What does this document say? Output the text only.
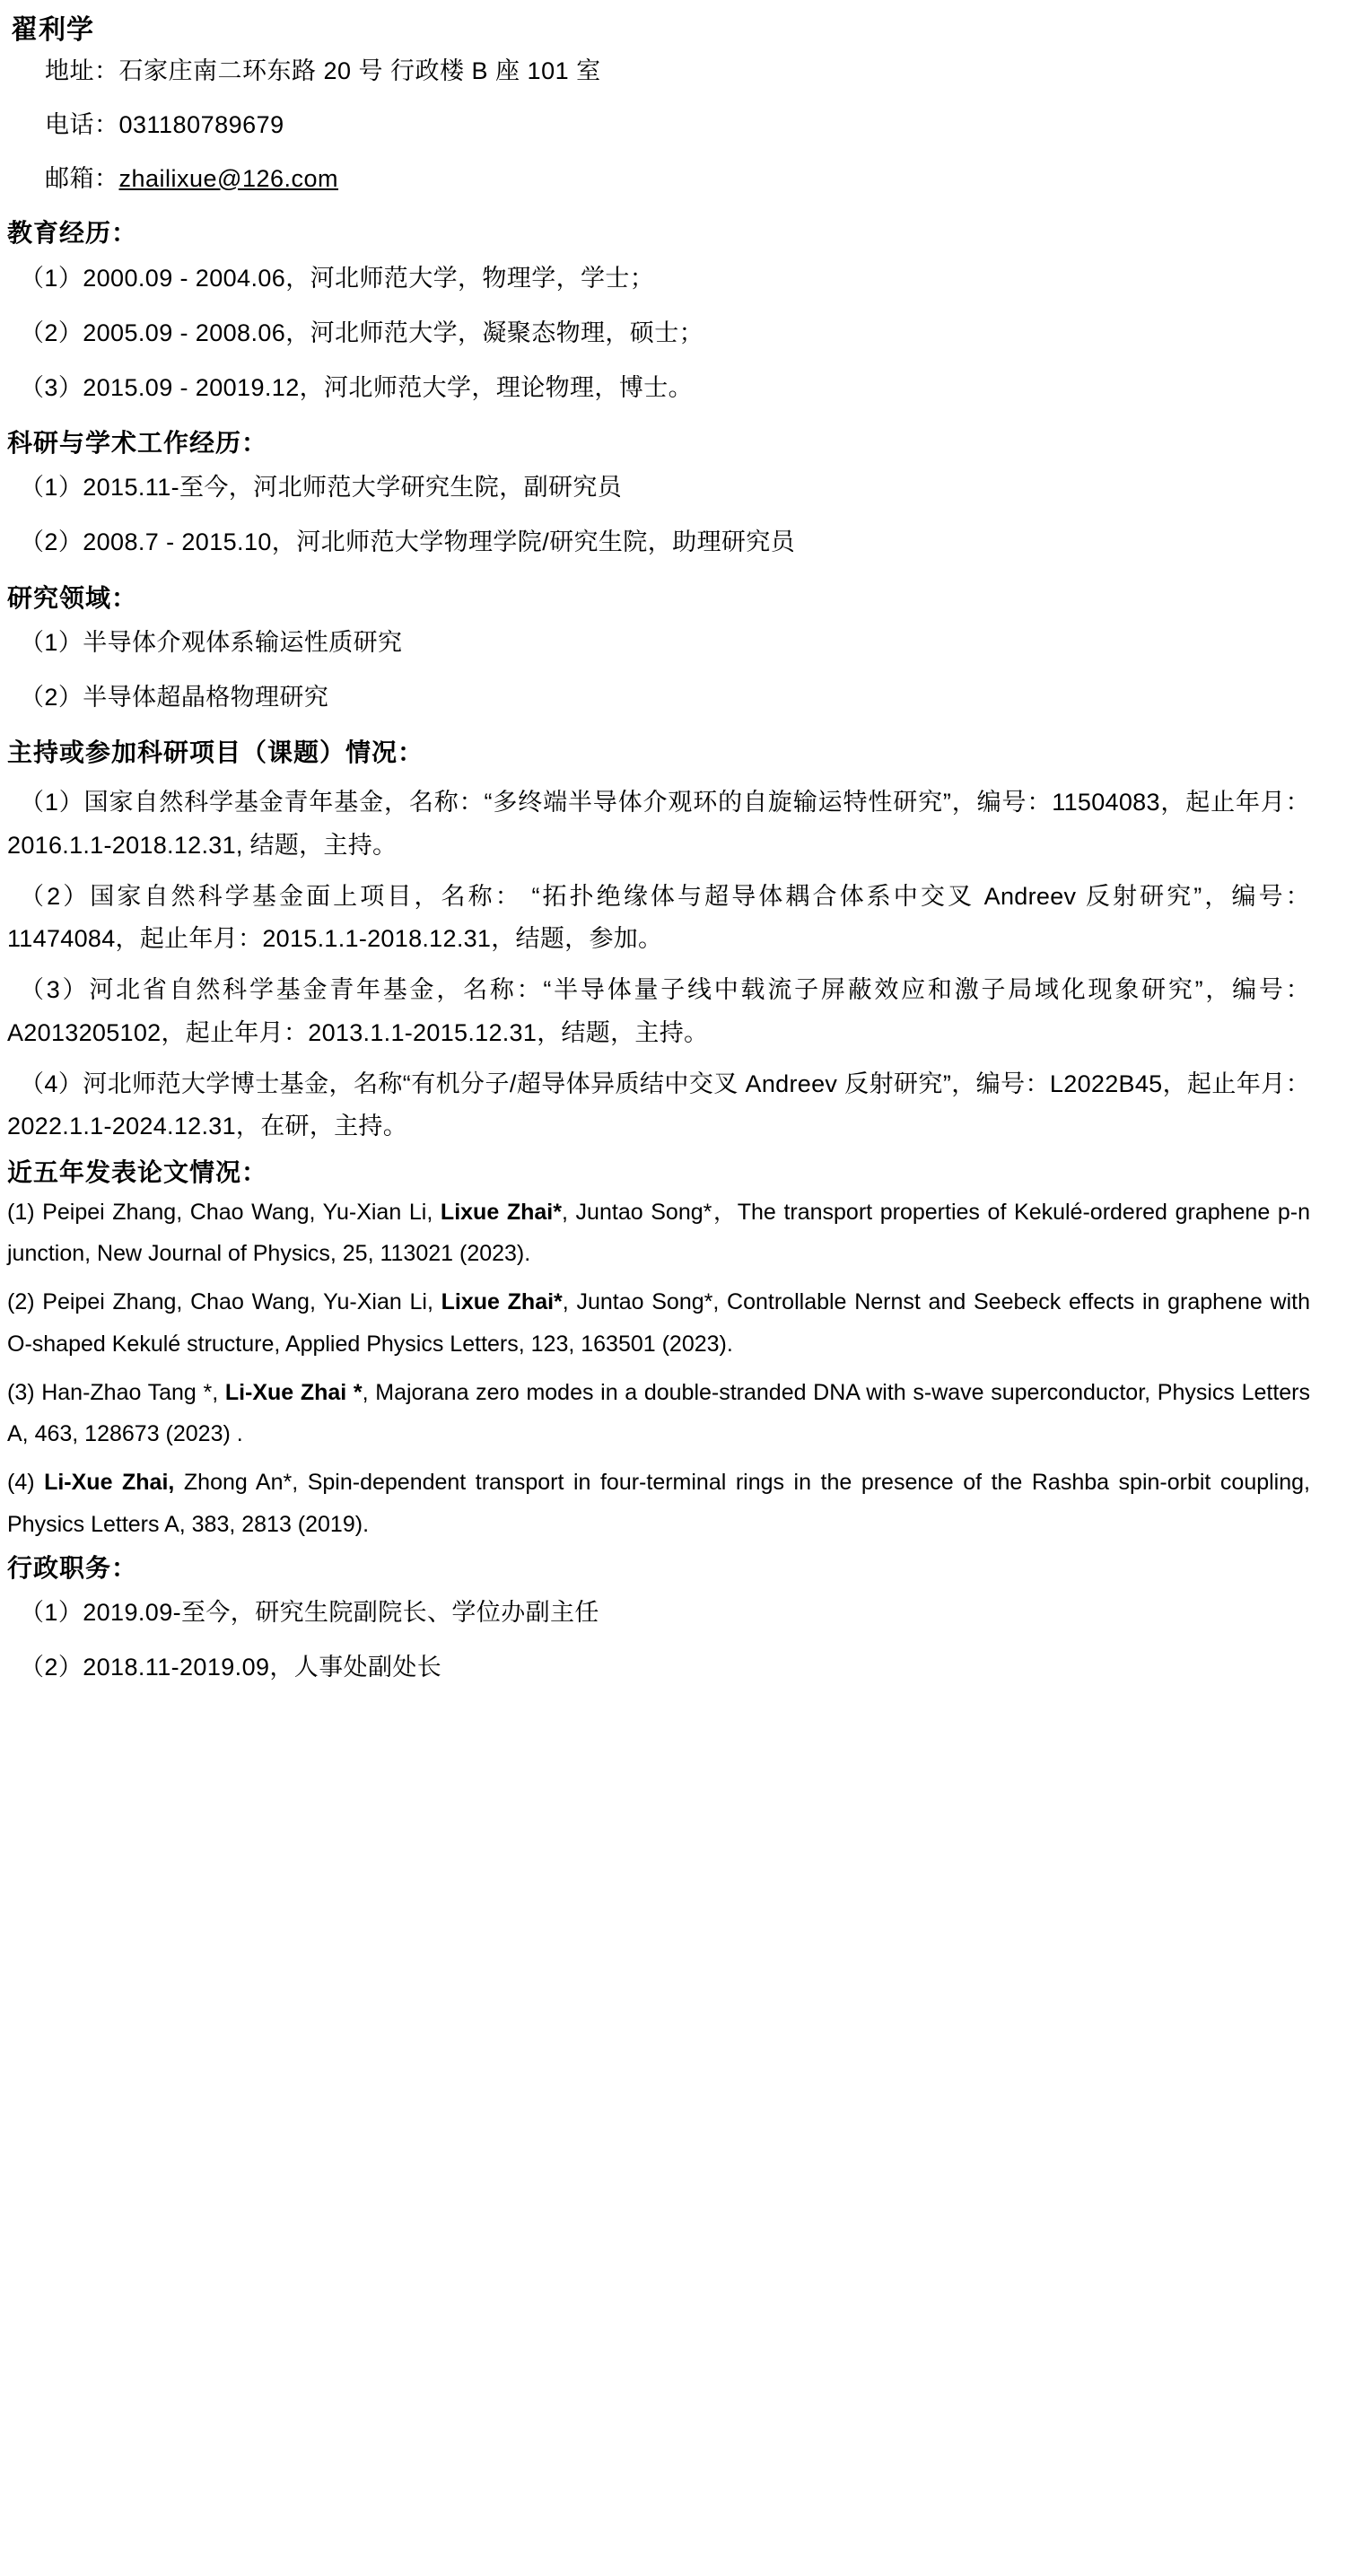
翟利学
地址：石家庄南二环东路 20 号 行政楼 B 座 101 室
电话：031180789679
邮箱：zhailixue@126.com
教育经历：
（1）2000.09 - 2004.06，河北师范大学，物理学，学士；
（2）2005.09 - 2008.06，河北师范大学，凝聚态物理，硕士；
（3）2015.09 - 20019.12，河北师范大学，理论物理，博士。
科研与学术工作经历：
（1）2015.11-至今，河北师范大学研究生院，副研究员
（2）2008.7 - 2015.10，河北师范大学物理学院/研究生院，助理研究员
研究领域：
（1）半导体介观体系输运性质研究
（2）半导体超晶格物理研究
主持或参加科研项目（课题）情况：
（1）国家自然科学基金青年基金，名称：“多终端半导体介观环的自旋输运特性研究”，编号：11504083，起止年月：2016.1.1-2018.12.31, 结题，主持。
（2）国家自然科学基金面上项目，名称： “拓扑绝缘体与超导体耦合体系中交叉 Andreev 反射研究”，编号：11474084，起止年月：2015.1.1-2018.12.31，结题，参加。
（3）河北省自然科学基金青年基金，名称：“半导体量子线中载流子屏蔽效应和激子局域化现象研究”，编号：A2013205102，起止年月：2013.1.1-2015.12.31，结题，主持。
（4）河北师范大学博士基金，名称“有机分子/超导体异质结中交叉 Andreev 反射研究”，编号：L2022B45，起止年月：2022.1.1-2024.12.31，在研，主持。
近五年发表论文情况：
(1) Peipei Zhang, Chao Wang, Yu-Xian Li, Lixue Zhai*, Juntao Song*，The transport properties of Kekulé-ordered graphene p-n junction, New Journal of Physics, 25, 113021 (2023).
(2) Peipei Zhang, Chao Wang, Yu-Xian Li, Lixue Zhai*, Juntao Song*, Controllable Nernst and Seebeck effects in graphene with O-shaped Kekulé structure, Applied Physics Letters, 123, 163501 (2023).
(3) Han-Zhao Tang *, Li-Xue Zhai *, Majorana zero modes in a double-stranded DNA with s-wave superconductor, Physics Letters A, 463, 128673 (2023) .
(4) Li-Xue Zhai, Zhong An*, Spin-dependent transport in four-terminal rings in the presence of the Rashba spin-orbit coupling, Physics Letters A, 383, 2813 (2019).
行政职务：
（1）2019.09-至今，研究生院副院长、学位办副主任
（2）2018.11-2019.09，人事处副处长
